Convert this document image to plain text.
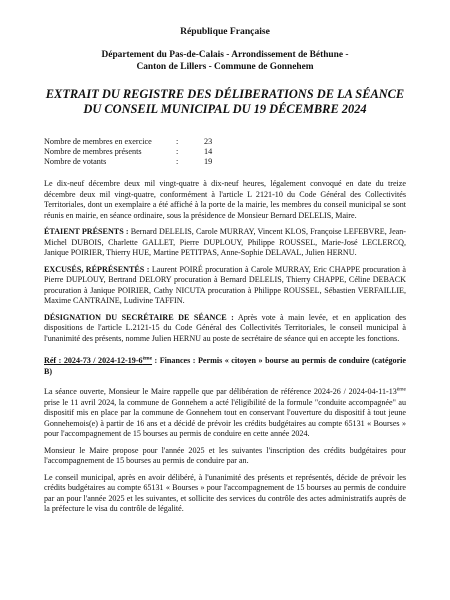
République Française
Département du Pas-de-Calais - Arrondissement de Béthune -
Canton de Lillers - Commune de Gonnehem
EXTRAIT DU REGISTRE DES DÉLIBERATIONS DE LA SÉANCE
DU CONSEIL MUNICIPAL DU 19 DÉCEMBRE 2024
Nombre de membres en exercice	:	23
Nombre de membres présents	:	14
Nombre de votants	:	19

Le dix-neuf décembre deux mil vingt-quatre à dix-neuf heures, légalement convoqué en date du treize décembre deux mil vingt-quatre, conformément à l'article L 2121-10 du Code Général des Collectivités Territoriales, dont un exemplaire a été affiché à la porte de la mairie, les membres du conseil municipal se sont réunis en mairie, en séance ordinaire, sous la présidence de Monsieur Bernard DELELIS, Maire.

ÉTAIENT PRÉSENTS : Bernard DELELIS, Carole MURRAY, Vincent KLOS, Françoise LEFEBVRE, Jean-Michel DUBOIS, Charlette GALLET, Pierre DUPLOUY, Philippe ROUSSEL, Marie-José LECLERCQ, Janique POIRIER, Thierry HUE, Martine PETITPAS, Anne-Sophie DELAVAL, Julien HERNU.

EXCUSÉS, RÉPRÉSENTÉS : Laurent POIRÉ procuration à Carole MURRAY, Eric CHAPPE procuration à Pierre DUPLOUY, Bertrand DELORY procuration à Bernard DELELIS, Thierry CHAPPE, Céline DEBACK procuration à Janique POIRIER, Cathy NICUTA procuration à Philippe ROUSSEL, Sébastien VERFAILLIE, Maxime CANTRAINE, Ludivine TAFFIN.

DÉSIGNATION DU SECRÉTAIRE DE SÉANCE : Après vote à main levée, et en application des dispositions de l'article L.2121-15 du Code Général des Collectivités Territoriales, le conseil municipal à l'unanimité des présents, nomme Julien HERNU au poste de secrétaire de séance qui en accepte les fonctions.

Réf : 2024-73 / 2024-12-19-6ème : Finances : Permis « citoyen » bourse au permis de conduire (catégorie B)

La séance ouverte, Monsieur le Maire rappelle que par délibération de référence 2024-26 / 2024-04-11-13ème prise le 11 avril 2024, la commune de Gonnehem a acté l'éligibilité de la formule "conduite accompagnée" au dispositif mis en place par la commune de Gonnehem tout en conservant l'ouverture du dispositif à tout jeune Gonnehemois(e) à partir de 16 ans et a décidé de prévoir les crédits budgétaires au compte 65131 « Bourses » pour l'accompagnement de 15 bourses au permis de conduire en cette année 2024.

Monsieur le Maire propose pour l'année 2025 et les suivantes l'inscription des crédits budgétaires pour l'accompagnement de 15 bourses au permis de conduire par an.

Le conseil municipal, après en avoir délibéré, à l'unanimité des présents et représentés, décide de prévoir les crédits budgétaires au compte 65131 « Bourses » pour l'accompagnement de 15 bourses au permis de conduire par an pour l'année 2025 et les suivantes, et sollicite des services du contrôle des actes administratifs auprès de la préfecture le visa du contrôle de légalité.
